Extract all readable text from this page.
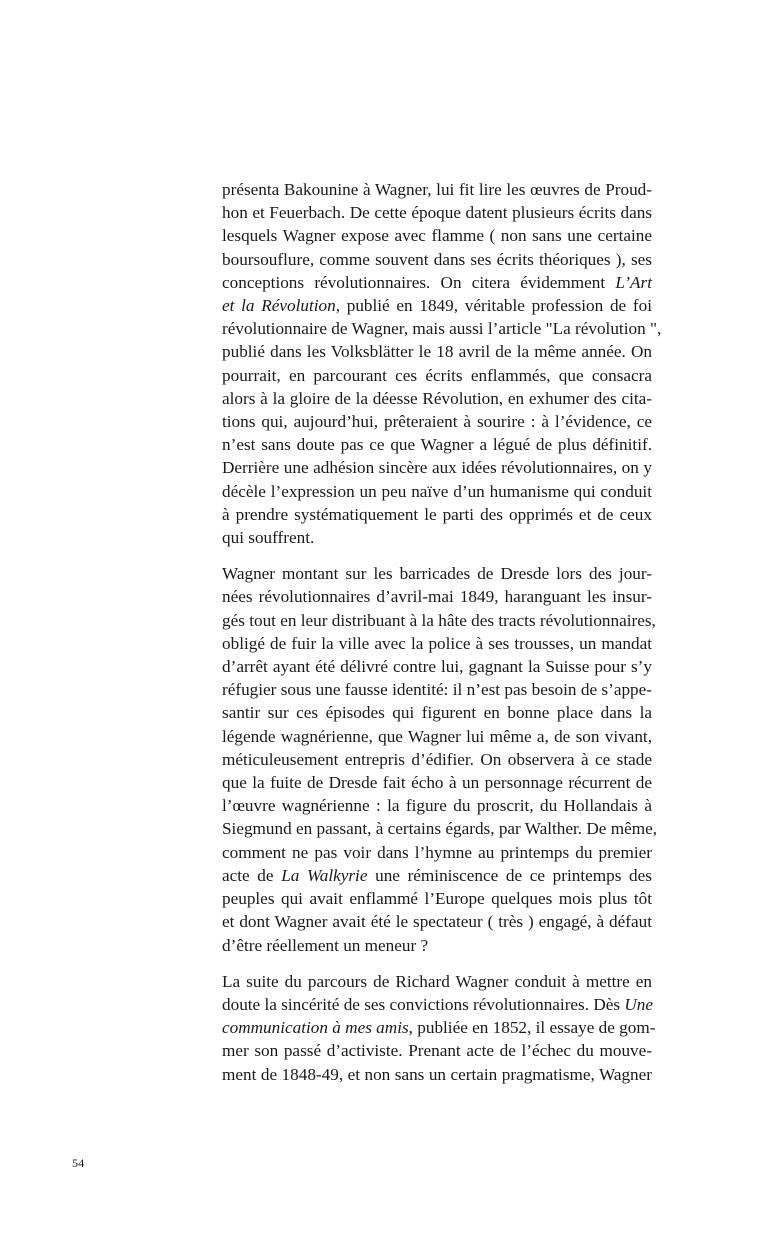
présenta Bakounine à Wagner, lui fit lire les œuvres de Proud-
hon et Feuerbach. De cette époque datent plusieurs écrits dans
lesquels Wagner expose avec flamme ( non sans une certaine
boursouflure, comme souvent dans ses écrits théoriques ), ses
conceptions révolutionnaires. On citera évidemment L’Art
et la Révolution, publié en 1849, véritable profession de foi
révolutionnaire de Wagner, mais aussi l’article "La révolution ",
publié dans les Volksblätter le 18 avril de la même année. On
pourrait, en parcourant ces écrits enflammés, que consacra
alors à la gloire de la déesse Révolution, en exhumer des cita-
tions qui, aujourd’hui, prêteraient à sourire : à l’évidence, ce
n’est sans doute pas ce que Wagner a légué de plus définitif.
Derrière une adhésion sincère aux idées révolutionnaires, on y
décèle l’expression un peu naïve d’un humanisme qui conduit
à prendre systématiquement le parti des opprimés et de ceux
qui souffrent.

Wagner montant sur les barricades de Dresde lors des jour-
nées révolutionnaires d’avril-mai 1849, haranguant les insur-
gés tout en leur distribuant à la hâte des tracts révolutionnaires,
obligé de fuir la ville avec la police à ses trousses, un mandat
d’arrêt ayant été délivré contre lui, gagnant la Suisse pour s’y
réfugier sous une fausse identité: il n’est pas besoin de s’appe-
santir sur ces épisodes qui figurent en bonne place dans la
légende wagnérienne, que Wagner lui même a, de son vivant,
méticuleusement entrepris d’édifier. On observera à ce stade
que la fuite de Dresde fait écho à un personnage récurrent de
l’œuvre wagnérienne : la figure du proscrit, du Hollandais à
Siegmund en passant, à certains égards, par Walther. De même,
comment ne pas voir dans l’hymne au printemps du premier
acte de La Walkyrie une réminiscence de ce printemps des
peuples qui avait enflammé l’Europe quelques mois plus tôt
et dont Wagner avait été le spectateur ( très ) engagé, à défaut
d’être réellement un meneur ?

La suite du parcours de Richard Wagner conduit à mettre en
doute la sincérité de ses convictions révolutionnaires. Dès Une
communication à mes amis, publiée en 1852, il essaye de gom-
mer son passé d’activiste. Prenant acte de l’échec du mouve-
ment de 1848-49, et non sans un certain pragmatisme, Wagner

54
